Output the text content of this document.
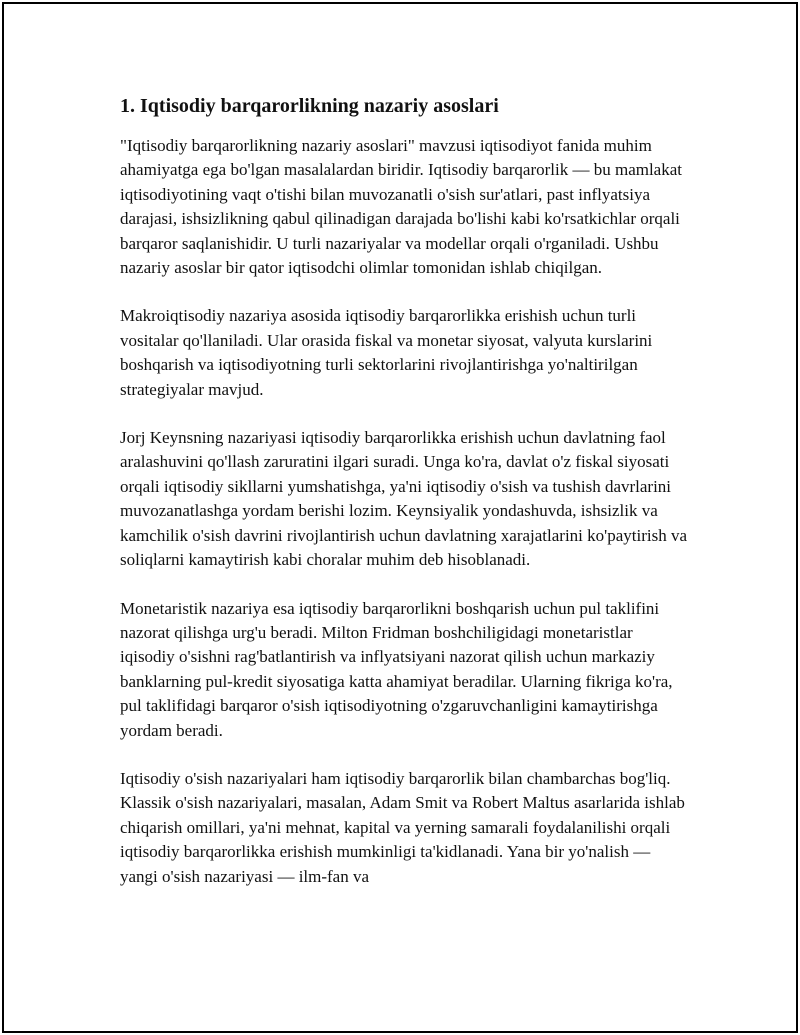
1. Iqtisodiy barqarorlikning nazariy asoslari

"Iqtisodiy barqarorlikning nazariy asoslari" mavzusi iqtisodiyot fanida muhim ahamiyatga ega bo'lgan masalalardan biridir. Iqtisodiy barqarorlik — bu mamlakat iqtisodiyotining vaqt o'tishi bilan muvozanatli o'sish sur'atlari, past inflyatsiya darajasi, ishsizlikning qabul qilinadigan darajada bo'lishi kabi ko'rsatkichlar orqali barqaror saqlanishidir. U turli nazariyalar va modellar orqali o'rganiladi. Ushbu nazariy asoslar bir qator iqtisodchi olimlar tomonidan ishlab chiqilgan.

Makroiqtisodiy nazariya asosida iqtisodiy barqarorlikka erishish uchun turli vositalar qo'llaniladi. Ular orasida fiskal va monetar siyosat, valyuta kurslarini boshqarish va iqtisodiyotning turli sektorlarini rivojlantirishga yo'naltirilgan strategiyalar mavjud.

Jorj Keynsning nazariyasi iqtisodiy barqarorlikka erishish uchun davlatning faol aralashuvini qo'llash zaruratini ilgari suradi. Unga ko'ra, davlat o'z fiskal siyosati orqali iqtisodiy sikllarni yumshatishga, ya'ni iqtisodiy o'sish va tushish davrlarini muvozanatlashga yordam berishi lozim. Keynsiyalik yondashuvda, ishsizlik va kamchilik o'sish davrini rivojlantirish uchun davlatning xarajatlarini ko'paytirish va soliqlarni kamaytirish kabi choralar muhim deb hisoblanadi.

Monetaristik nazariya esa iqtisodiy barqarorlikni boshqarish uchun pul taklifini nazorat qilishga urg'u beradi. Milton Fridman boshchiligidagi monetaristlar iqisodiy o'sishni rag'batlantirish va inflyatsiyani nazorat qilish uchun markaziy banklarning pul-kredit siyosatiga katta ahamiyat beradilar. Ularning fikriga ko'ra, pul taklifidagi barqaror o'sish iqtisodiyotning o'zgaruvchanligini kamaytirishga yordam beradi.

Iqtisodiy o'sish nazariyalari ham iqtisodiy barqarorlik bilan chambarchas bog'liq. Klassik o'sish nazariyalari, masalan, Adam Smit va Robert Maltus asarlarida ishlab chiqarish omillari, ya'ni mehnat, kapital va yerning samarali foydalanilishi orqali iqtisodiy barqarorlikka erishish mumkinligi ta'kidlanadi. Yana bir yo'nalish — yangi o'sish nazariyasi — ilm-fan va
